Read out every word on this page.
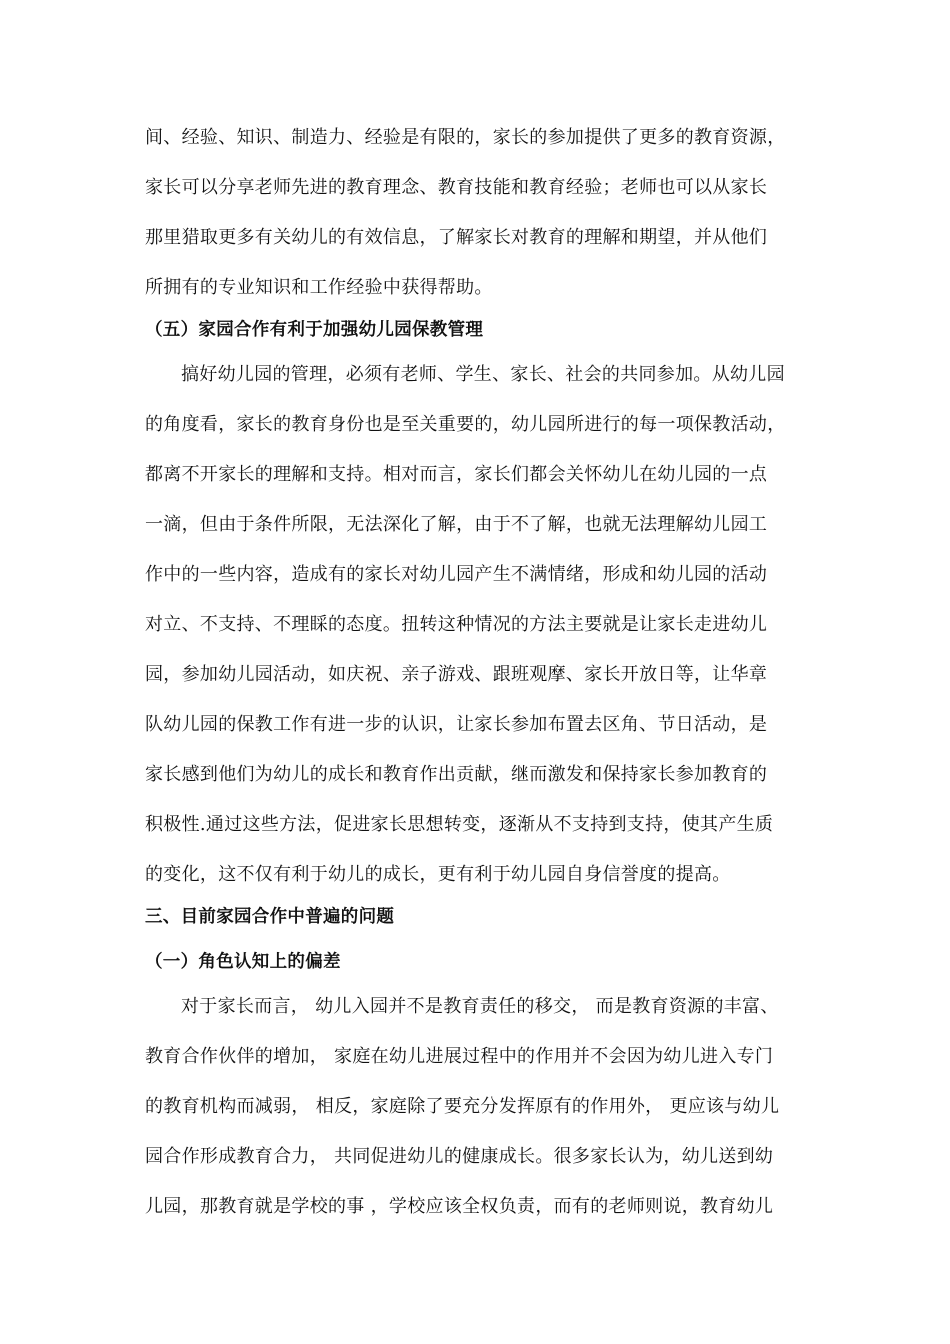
间、经验、知识、制造力、经验是有限的，家长的参加提供了更多的教育资源，
家长可以分享老师先进的教育理念、教育技能和教育经验；老师也可以从家长
那里猎取更多有关幼儿的有效信息，了解家长对教育的理解和期望，并从他们
所拥有的专业知识和工作经验中获得帮助。
（五）家园合作有利于加强幼儿园保教管理
搞好幼儿园的管理，必须有老师、学生、家长、社会的共同参加。从幼儿园
的角度看，家长的教育身份也是至关重要的，幼儿园所进行的每一项保教活动，
都离不开家长的理解和支持。相对而言，家长们都会关怀幼儿在幼儿园的一点
一滴，但由于条件所限，无法深化了解，由于不了解，也就无法理解幼儿园工
作中的一些内容，造成有的家长对幼儿园产生不满情绪，形成和幼儿园的活动
对立、不支持、不理睬的态度。扭转这种情况的方法主要就是让家长走进幼儿
园，参加幼儿园活动，如庆祝、亲子游戏、跟班观摩、家长开放日等，让华章
队幼儿园的保教工作有进一步的认识，让家长参加布置去区角、节日活动，是
家长感到他们为幼儿的成长和教育作出贡献，继而激发和保持家长参加教育的
积极性.通过这些方法，促进家长思想转变，逐渐从不支持到支持，使其产生质
的变化，这不仅有利于幼儿的成长，更有利于幼儿园自身信誉度的提高。
三、目前家园合作中普遍的问题
（一）角色认知上的偏差
对于家长而言， 幼儿入园并不是教育责任的移交， 而是教育资源的丰富、
教育合作伙伴的增加， 家庭在幼儿进展过程中的作用并不会因为幼儿进入专门
的教育机构而减弱， 相反，家庭除了要充分发挥原有的作用外， 更应该与幼儿
园合作形成教育合力， 共同促进幼儿的健康成长。很多家长认为，幼儿送到幼
儿园，那教育就是学校的事 ，学校应该全权负责，而有的老师则说，教育幼儿
